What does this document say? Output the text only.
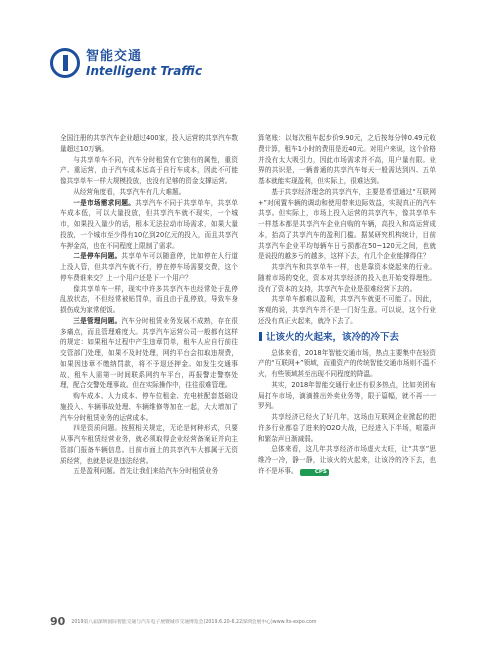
智能交通
Intelligent Traffic

全国注册的共享汽车企业超过400家，投入运营的共享汽车数量超过10万辆。

与共享单车不同，汽车分时租赁有它独有的属性，重资产、重运营，由于汽车成本远高于自行车成本，因此不可能像共享单车一样大规模投放，也没有足够的资金支撑运营。

从经营角度看，共享汽车有几大难题。

一是市场需求问题。共享汽车不同于共享单车，共享单车成本低，可以大量投放，但共享汽车就不现实，一个城市，如果投入量少的话，根本无法拉动市场需求，如果大量投放，一个城市至少得有10亿到20亿元的投入，而且共享汽车押金高，也在不同程度上限制了需求。

二是停车问题。共享单车可以随意停，比如停在人行道上没人管，但共享汽车就不行，停在停车场需要交费，这个停车费谁来交？上一个用户还是下一个用户？

像共享单车一样，现实中许多共享汽车也经常处于乱停乱放状态，不但经常被贴罚单，而且由于乱停放，导致车身损伤成为家常便饭。

三是管理问题。汽车分时租赁业务发展不成熟，存在很多痛点，而且管理难度大。共享汽车运营公司一般都有这样的规定：如果租车过程中产生违章罚单，租车人应自行前往交管部门处理，如果不及时处理，网约平台会扣取违规费，如果因违章不缴纳罚款，将不予退还押金。如发生交通事故，租车人需第一时间联系网约车平台，再报警走警察处理，配合交警处理事故。但在实际操作中，往往很难管理。

购车成本、人力成本、停车位租金、充电桩配套基础设施投入、车辆事故处理、车辆维修等加在一起，大大增加了汽车分时租赁业务的运营成本。

四是资质问题。按照相关规定，无论是何种形式，只要从事汽车租赁经营业务，就必须取得企业经营备案证并向主管部门报备车辆信息。目前市面上的共享汽车大都属于无资质经营，也就是说是违法经营。

五是盈利问题。首先让我们来给汽车分时租赁业务

算笔账：以每次租车起步价9.90元，之后按每分钟0.49元收费计算，租车1小时的费用是近40元。对用户来说，这个价格并没有太大吸引力，因此市场需求并不高，用户量有限。业界的共识是，一辆普通的共享汽车每天一般需达到四、五单基本就能实现盈利，但实际上，很难达到。

基于共享经济理念的共享汽车，主要是希望通过“互联网+”对闲置车辆的调动和使用带来边际效益，实现真正的汽车共享。但实际上，市场上投入运营的共享汽车，像共享单车一样基本都是共享汽车企业自购的车辆，高投入和高运营成本，抬高了共享汽车的盈利门槛。据某研究机构统计，目前共享汽车企业平均每辆车日亏损都在50~120元之间，也就是说投的越多亏的越多，这样下去，有几个企业能撑得住？

共享汽车和共享单车一样，也是靠资本烧起来的行业。随着市场的变化，资本对共享经济的投入也开始变得理性。没有了资本的支持，共享汽车企业是很难经营下去的。

共享单车都难以盈利，共享汽车就更不可能了。因此，客观的说，共享汽车并不是一门好生意。可以说，这个行业还没有真正火起来，就冷下去了。

让该火的火起来，该冷的冷下去

总体来看，2018年智能交通市场，热点主要集中在轻资产的“互联网+”领域，而重资产的传统智能交通市场则不温不火，有些领域甚至出现不同程度的降温。

其实，2018年智能交通行业还有很多热点，比如美团布局打车市场，滴滴推出外卖业务等，限于篇幅，就不再一一罗列。

共享经济已经火了好几年，这场由互联网企业掀起的把许多行业都卷了进来的O2O大战，已经进入下半场，喧嚣声和繁杂声日渐减弱。

总体来看，这几年共享经济市场虚火太旺，让“共享”思维冷一冷，静一静，让该火的火起来，让该冷的冷下去，也许不是坏事。	CPS

90 2019第八届深圳国际智能交通与汽车电子展暨城市交通博览会(2019.6.20-6.22深圳会展中心)www.its-expo.com
